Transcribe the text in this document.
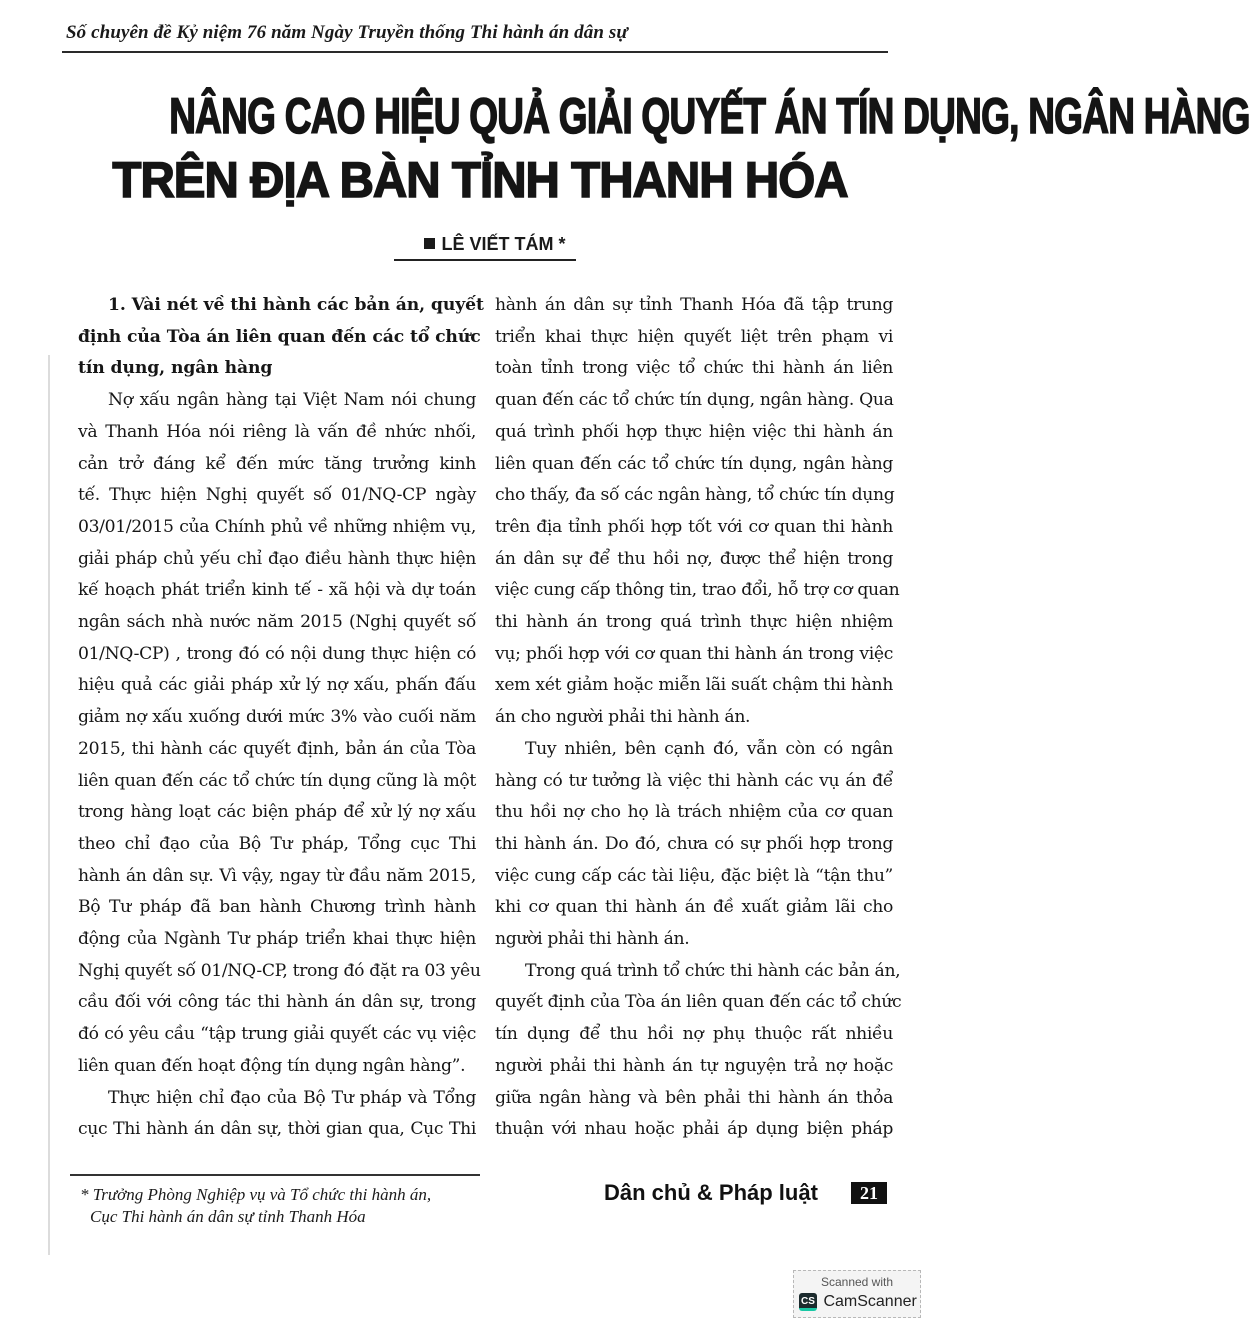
Số chuyên đề Kỷ niệm 76 năm Ngày Truyền thống Thi hành án dân sự
NÂNG CAO HIỆU QUẢ GIẢI QUYẾT ÁN TÍN DỤNG, NGÂN HÀNG
TRÊN ĐỊA BÀN TỈNH THANH HÓA
LÊ VIẾT TÁM *
1. Vài nét về thi hành các bản án, quyết
định của Tòa án liên quan đến các tổ chức
tín dụng, ngân hàng
Nợ xấu ngân hàng tại Việt Nam nói chung
và Thanh Hóa nói riêng là vấn đề nhức nhối,
cản trở đáng kể đến mức tăng trưởng kinh
tế. Thực hiện Nghị quyết số 01/NQ-CP ngày
03/01/2015 của Chính phủ về những nhiệm vụ,
giải pháp chủ yếu chỉ đạo điều hành thực hiện
kế hoạch phát triển kinh tế - xã hội và dự toán
ngân sách nhà nước năm 2015 (Nghị quyết số
01/NQ-CP) , trong đó có nội dung thực hiện có
hiệu quả các giải pháp xử lý nợ xấu, phấn đấu
giảm nợ xấu xuống dưới mức 3% vào cuối năm
2015, thi hành các quyết định, bản án của Tòa
liên quan đến các tổ chức tín dụng cũng là một
trong hàng loạt các biện pháp để xử lý nợ xấu
theo chỉ đạo của Bộ Tư pháp, Tổng cục Thi
hành án dân sự. Vì vậy, ngay từ đầu năm 2015,
Bộ Tư pháp đã ban hành Chương trình hành
động của Ngành Tư pháp triển khai thực hiện
Nghị quyết số 01/NQ-CP, trong đó đặt ra 03 yêu
cầu đối với công tác thi hành án dân sự, trong
đó có yêu cầu “tập trung giải quyết các vụ việc
liên quan đến hoạt động tín dụng ngân hàng”.
Thực hiện chỉ đạo của Bộ Tư pháp và Tổng
cục Thi hành án dân sự, thời gian qua, Cục Thi
hành án dân sự tỉnh Thanh Hóa đã tập trung
triển khai thực hiện quyết liệt trên phạm vi
toàn tỉnh trong việc tổ chức thi hành án liên
quan đến các tổ chức tín dụng, ngân hàng. Qua
quá trình phối hợp thực hiện việc thi hành án
liên quan đến các tổ chức tín dụng, ngân hàng
cho thấy, đa số các ngân hàng, tổ chức tín dụng
trên địa tỉnh phối hợp tốt với cơ quan thi hành
án dân sự để thu hồi nợ, được thể hiện trong
việc cung cấp thông tin, trao đổi, hỗ trợ cơ quan
thi hành án trong quá trình thực hiện nhiệm
vụ; phối hợp với cơ quan thi hành án trong việc
xem xét giảm hoặc miễn lãi suất chậm thi hành
án cho người phải thi hành án.
Tuy nhiên, bên cạnh đó, vẫn còn có ngân
hàng có tư tưởng là việc thi hành các vụ án để
thu hồi nợ cho họ là trách nhiệm của cơ quan
thi hành án. Do đó, chưa có sự phối hợp trong
việc cung cấp các tài liệu, đặc biệt là “tận thu”
khi cơ quan thi hành án đề xuất giảm lãi cho
người phải thi hành án.
Trong quá trình tổ chức thi hành các bản án,
quyết định của Tòa án liên quan đến các tổ chức
tín dụng để thu hồi nợ phụ thuộc rất nhiều
người phải thi hành án tự nguyện trả nợ hoặc
giữa ngân hàng và bên phải thi hành án thỏa
thuận với nhau hoặc phải áp dụng biện pháp
* Trưởng Phòng Nghiệp vụ và Tổ chức thi hành án,
Cục Thi hành án dân sự tỉnh Thanh Hóa
Dân chủ & Pháp luật	21
Scanned with
CS CamScanner
